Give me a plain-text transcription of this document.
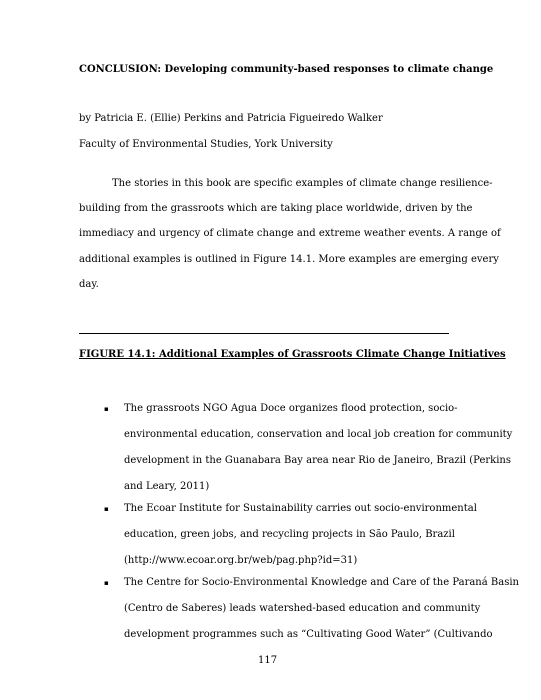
CONCLUSION: Developing community-based responses to climate change
by Patricia E. (Ellie) Perkins and Patricia Figueiredo Walker
Faculty of Environmental Studies, York University
The stories in this book are specific examples of climate change resilience-
building from the grassroots which are taking place worldwide, driven by the
immediacy and urgency of climate change and extreme weather events. A range of
additional examples is outlined in Figure 14.1. More examples are emerging every
day.
FIGURE 14.1: Additional Examples of Grassroots Climate Change Initiatives
▪ The grassroots NGO Agua Doce organizes flood protection, socio-
environmental education, conservation and local job creation for community
development in the Guanabara Bay area near Rio de Janeiro, Brazil (Perkins
and Leary, 2011)
▪ The Ecoar Institute for Sustainability carries out socio-environmental
education, green jobs, and recycling projects in São Paulo, Brazil
(http://www.ecoar.org.br/web/pag.php?id=31)
▪ The Centre for Socio-Environmental Knowledge and Care of the Paraná Basin
(Centro de Saberes) leads watershed-based education and community
development programmes such as “Cultivating Good Water” (Cultivando
117
